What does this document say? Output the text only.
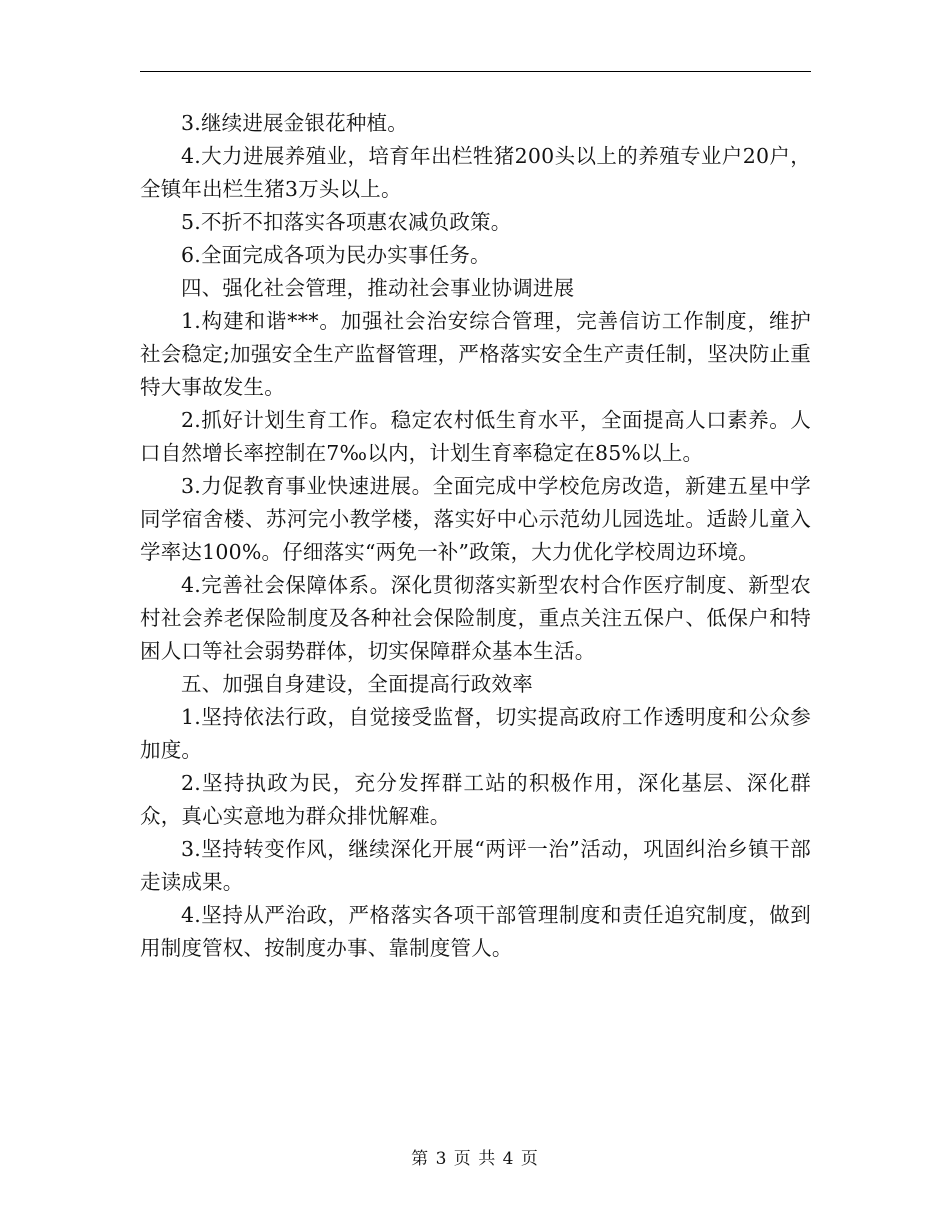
3.继续进展金银花种植。

4.大力进展养殖业，培育年出栏牲猪200头以上的养殖专业户20户，全镇年出栏生猪3万头以上。

5.不折不扣落实各项惠农减负政策。

6.全面完成各项为民办实事任务。

四、强化社会管理，推动社会事业协调进展

1.构建和谐***。加强社会治安综合管理，完善信访工作制度，维护社会稳定;加强安全生产监督管理，严格落实安全生产责任制，坚决防止重特大事故发生。

2.抓好计划生育工作。稳定农村低生育水平，全面提高人口素养。人口自然增长率控制在7‰以内，计划生育率稳定在85%以上。

3.力促教育事业快速进展。全面完成中学校危房改造，新建五星中学同学宿舍楼、苏河完小教学楼，落实好中心示范幼儿园选址。适龄儿童入学率达100%。仔细落实“两免一补”政策，大力优化学校周边环境。

4.完善社会保障体系。深化贯彻落实新型农村合作医疗制度、新型农村社会养老保险制度及各种社会保险制度，重点关注五保户、低保户和特困人口等社会弱势群体，切实保障群众基本生活。

五、加强自身建设，全面提高行政效率

1.坚持依法行政，自觉接受监督，切实提高政府工作透明度和公众参加度。

2.坚持执政为民，充分发挥群工站的积极作用，深化基层、深化群众，真心实意地为群众排忧解难。

3.坚持转变作风，继续深化开展“两评一治”活动，巩固纠治乡镇干部走读成果。

4.坚持从严治政，严格落实各项干部管理制度和责任追究制度，做到用制度管权、按制度办事、靠制度管人。

第 3 页 共 4 页
